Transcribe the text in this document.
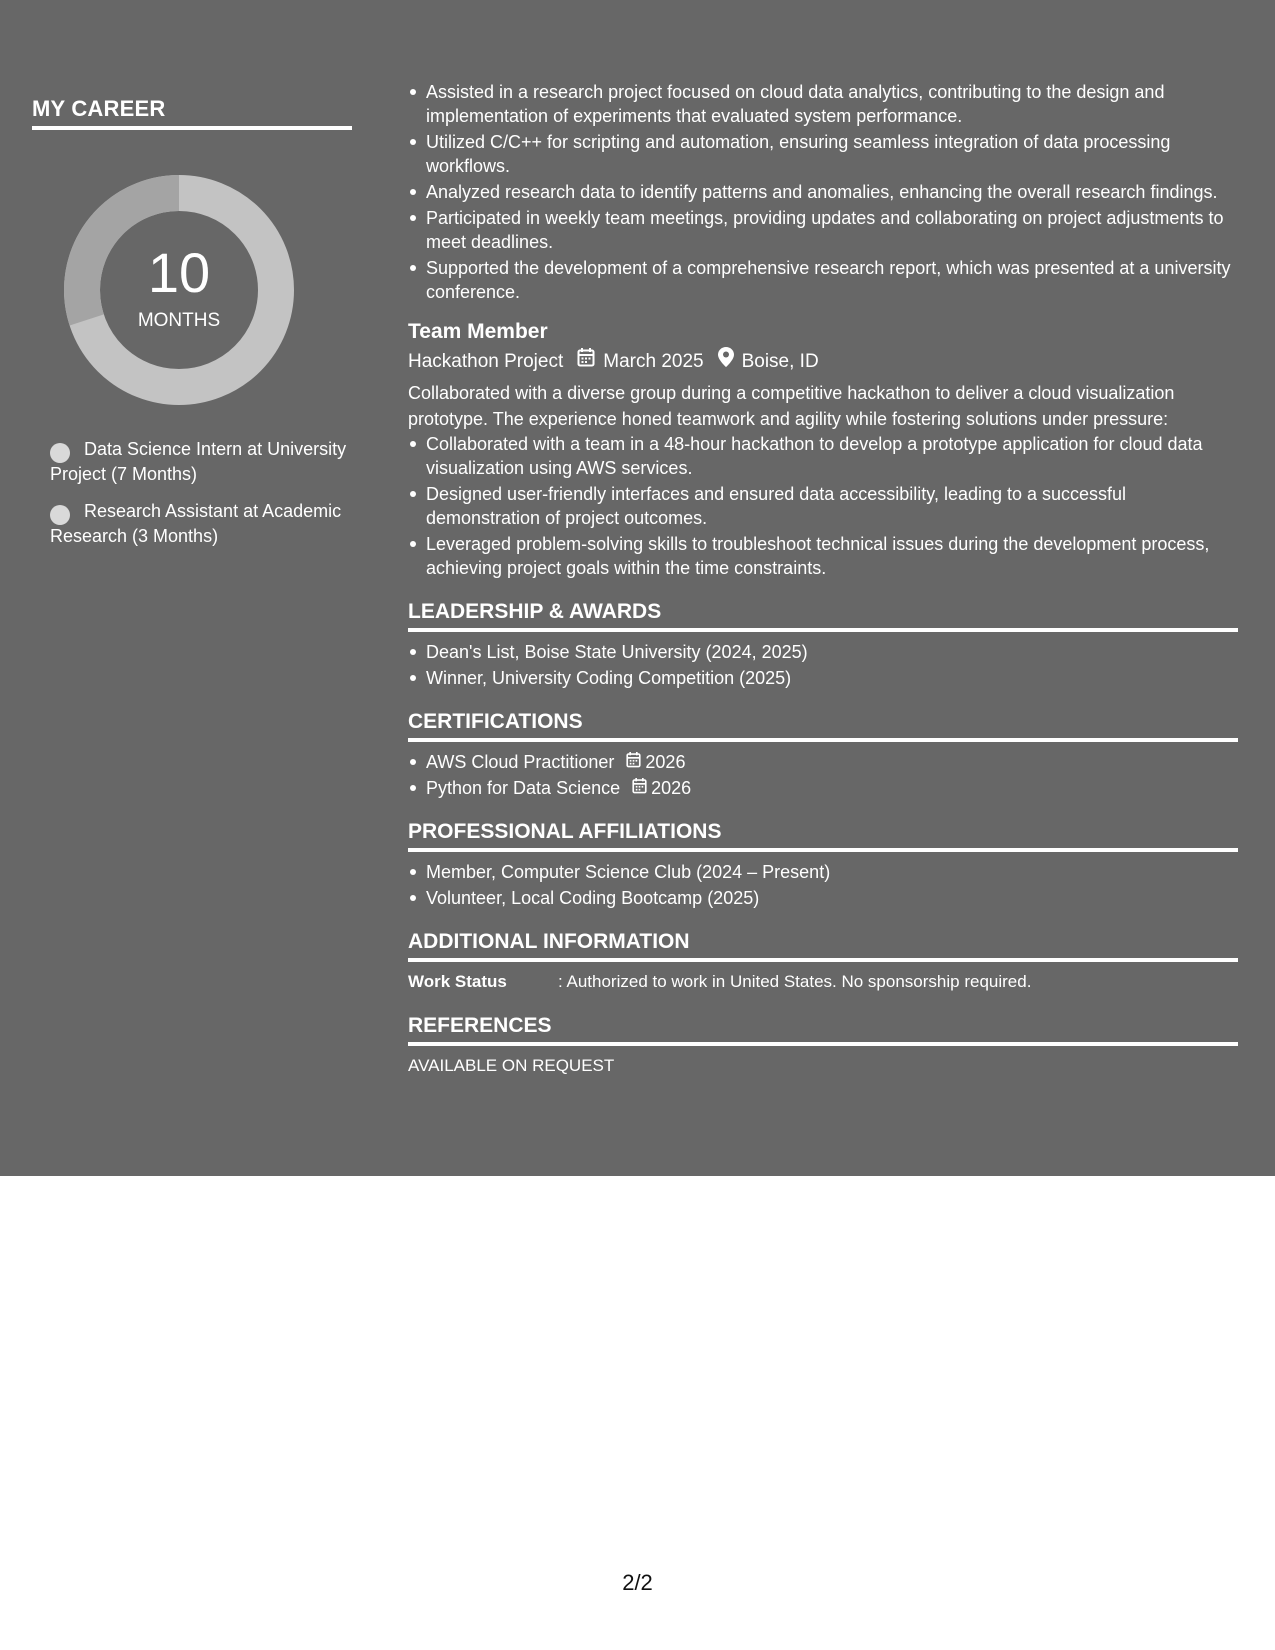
MY CAREER
10
MONTHS
Data Science Intern at University Project (7 Months)
Research Assistant at Academic Research (3 Months)
Assisted in a research project focused on cloud data analytics, contributing to the design and implementation of experiments that evaluated system performance.
Utilized C/C++ for scripting and automation, ensuring seamless integration of data processing workflows.
Analyzed research data to identify patterns and anomalies, enhancing the overall research findings.
Participated in weekly team meetings, providing updates and collaborating on project adjustments to meet deadlines.
Supported the development of a comprehensive research report, which was presented at a university conference.
Team Member
Hackathon Project March 2025 Boise, ID
Collaborated with a diverse group during a competitive hackathon to deliver a cloud visualization prototype. The experience honed teamwork and agility while fostering solutions under pressure:
Collaborated with a team in a 48-hour hackathon to develop a prototype application for cloud data visualization using AWS services.
Designed user-friendly interfaces and ensured data accessibility, leading to a successful demonstration of project outcomes.
Leveraged problem-solving skills to troubleshoot technical issues during the development process, achieving project goals within the time constraints.
LEADERSHIP & AWARDS
Dean's List, Boise State University (2024, 2025)
Winner, University Coding Competition (2025)
CERTIFICATIONS
AWS Cloud Practitioner 2026
Python for Data Science 2026
PROFESSIONAL AFFILIATIONS
Member, Computer Science Club (2024 – Present)
Volunteer, Local Coding Bootcamp (2025)
ADDITIONAL INFORMATION
Work Status	: Authorized to work in United States. No sponsorship required.
REFERENCES
AVAILABLE ON REQUEST
2/2
